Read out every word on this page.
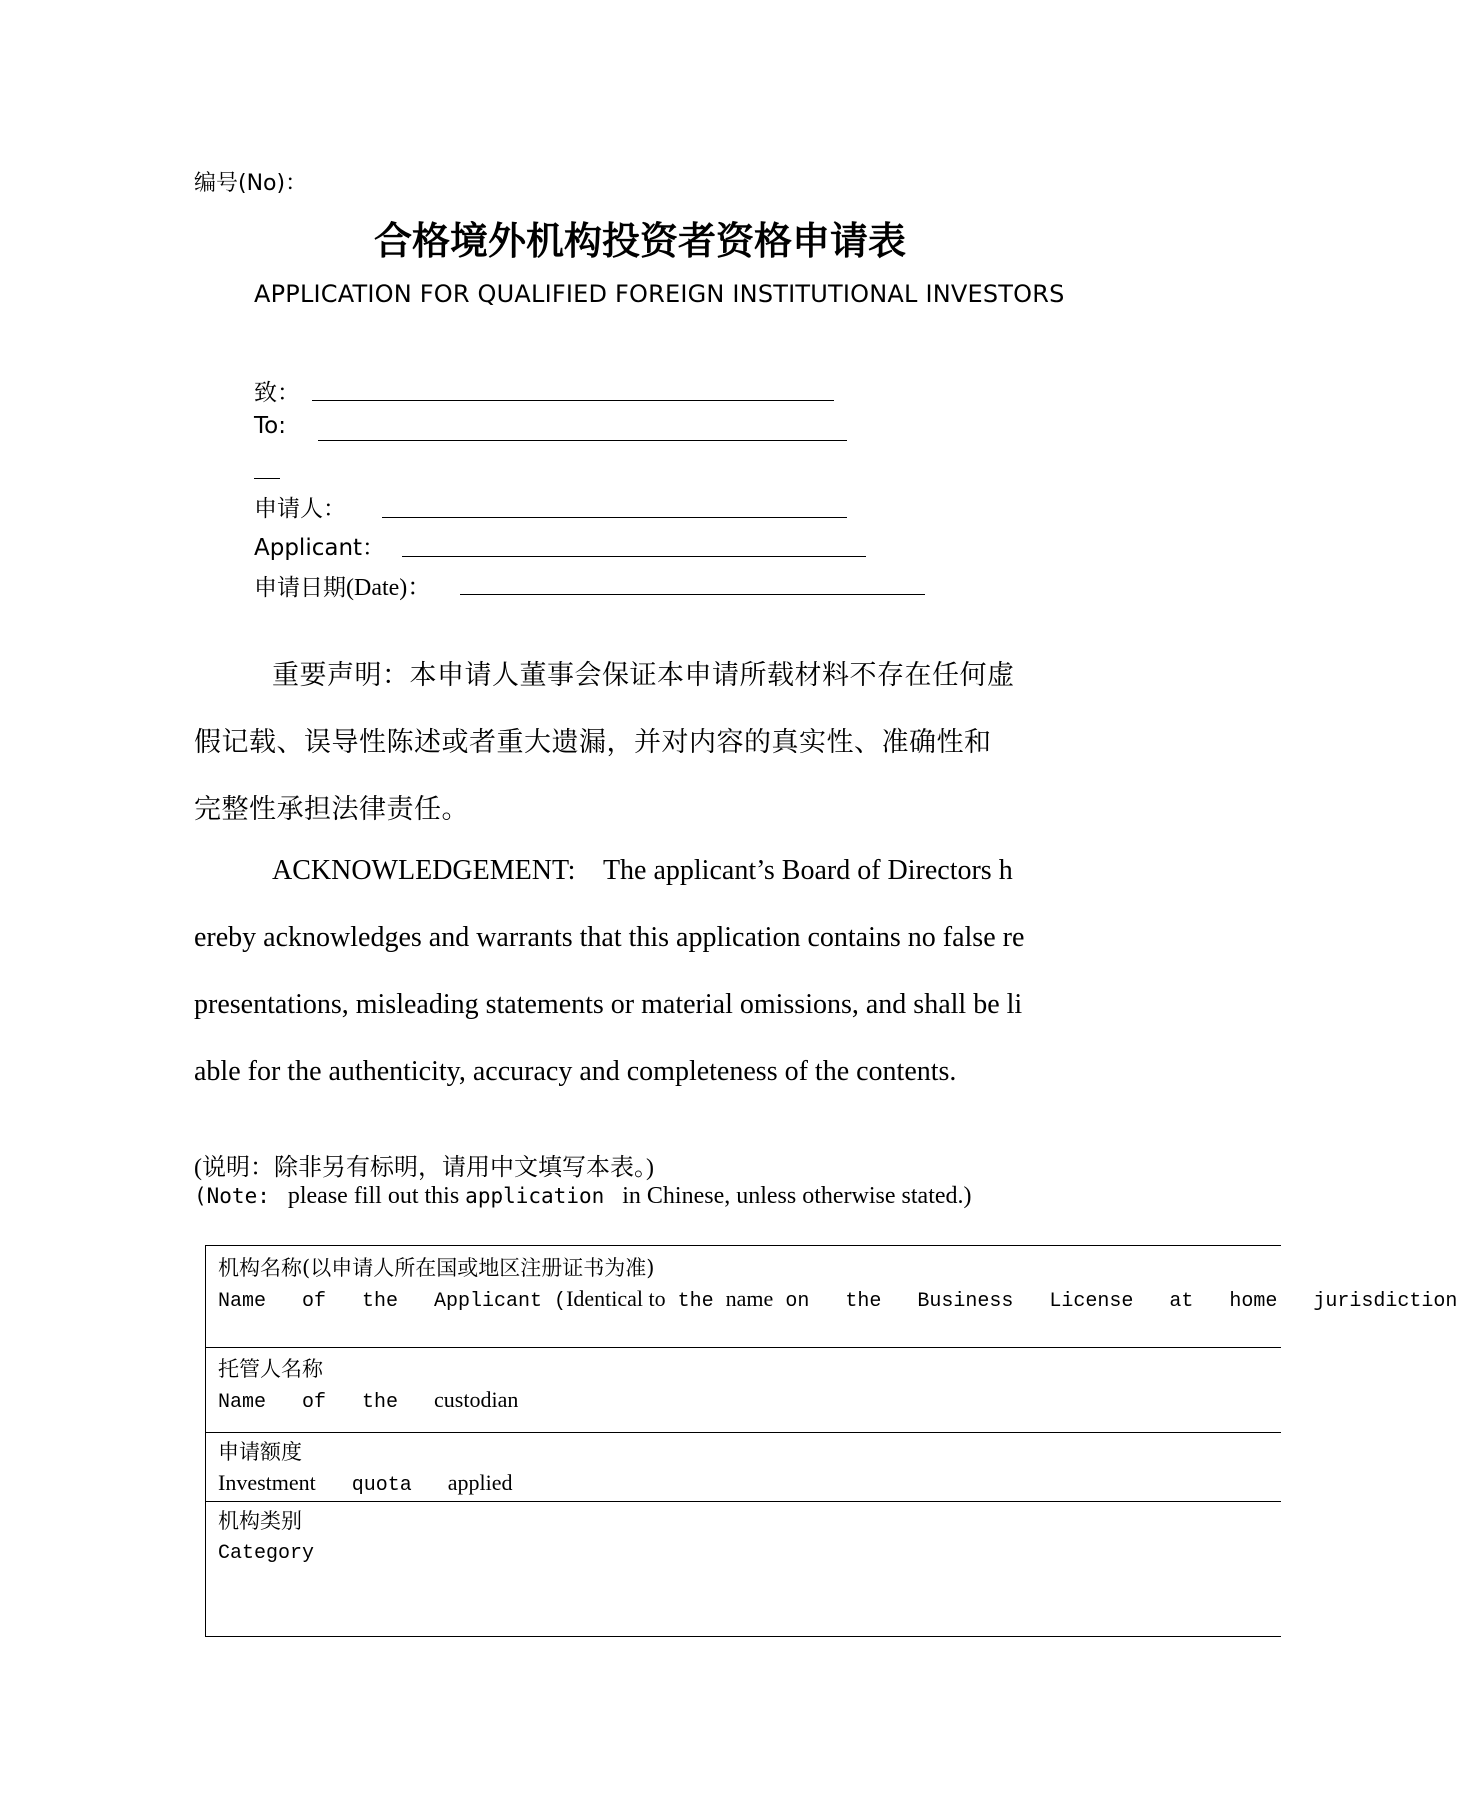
编号(No)：
合格境外机构投资者资格申请表
APPLICATION FOR QUALIFIED FOREIGN INSTITUTIONAL INVESTORS
致：
To:
申请人：
Applicant：
申请日期(Date)：
重要声明：本申请人董事会保证本申请所载材料不存在任何虚
假记载、误导性陈述或者重大遗漏，并对内容的真实性、准确性和
完整性承担法律责任。
ACKNOWLEDGEMENT:    The applicant’s Board of Directors h
ereby acknowledges and warrants that this application contains no false re
presentations, misleading statements or material omissions, and shall be li
able for the authenticity, accuracy and completeness of the contents.
(说明：除非另有标明，请用中文填写本表。)
(Note: please fill out this application in Chinese, unless otherwise stated.)
机构名称(以申请人所在国或地区注册证书为准)
Name   of   the   Applicant (Identical to the name on   the   Business   License   at   home   jurisdiction
托管人名称
Name   of   the   custodian
申请额度
Investment   quota   applied
机构类别
Category
